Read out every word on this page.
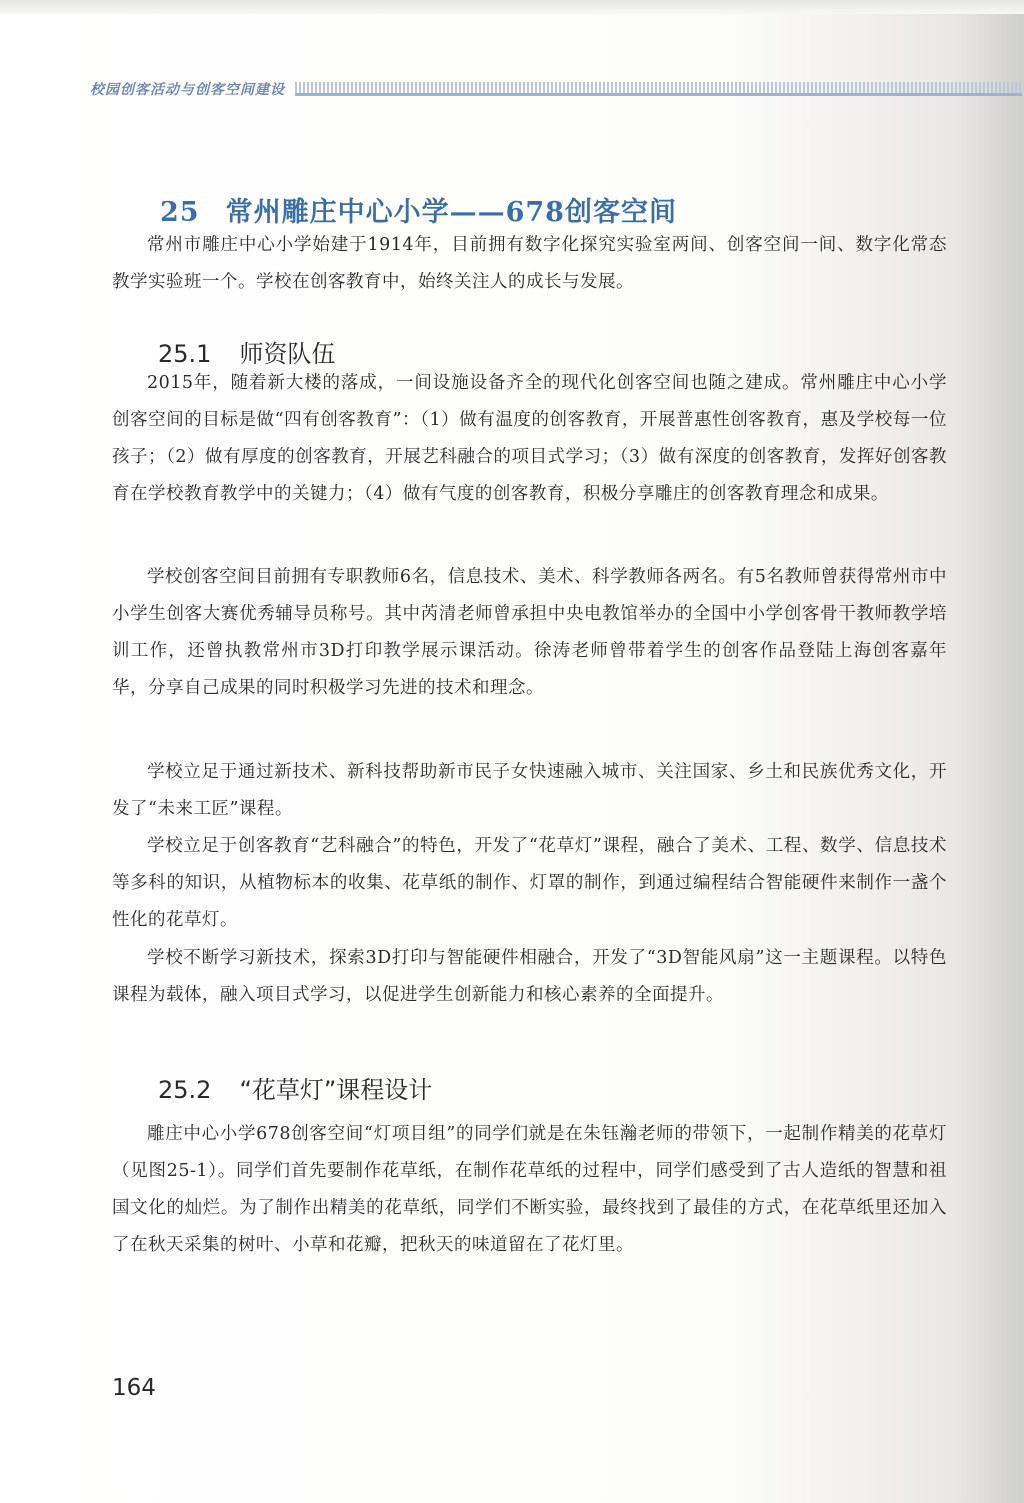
校园创客活动与创客空间建设
25 常州雕庄中心小学——678创客空间

常州市雕庄中心小学始建于1914年，目前拥有数字化探究实验室两间、创客空间一间、数字化常态教学实验班一个。学校在创客教育中，始终关注人的成长与发展。

25.1 师资队伍

2015年，随着新大楼的落成，一间设施设备齐全的现代化创客空间也随之建成。常州雕庄中心小学创客空间的目标是做“四有创客教育”：（1）做有温度的创客教育，开展普惠性创客教育，惠及学校每一位孩子；（2）做有厚度的创客教育，开展艺科融合的项目式学习；（3）做有深度的创客教育，发挥好创客教育在学校教育教学中的关键力；（4）做有气度的创客教育，积极分享雕庄的创客教育理念和成果。

学校创客空间目前拥有专职教师6名，信息技术、美术、科学教师各两名。有5名教师曾获得常州市中小学生创客大赛优秀辅导员称号。其中芮清老师曾承担中央电教馆举办的全国中小学创客骨干教师教学培训工作，还曾执教常州市3D打印教学展示课活动。徐涛老师曾带着学生的创客作品登陆上海创客嘉年华，分享自己成果的同时积极学习先进的技术和理念。

学校立足于通过新技术、新科技帮助新市民子女快速融入城市、关注国家、乡土和民族优秀文化，开发了“未来工匠”课程。

学校立足于创客教育“艺科融合”的特色，开发了“花草灯”课程，融合了美术、工程、数学、信息技术等多科的知识，从植物标本的收集、花草纸的制作、灯罩的制作，到通过编程结合智能硬件来制作一盏个性化的花草灯。

学校不断学习新技术，探索3D打印与智能硬件相融合，开发了“3D智能风扇”这一主题课程。以特色课程为载体，融入项目式学习，以促进学生创新能力和核心素养的全面提升。

25.2 “花草灯”课程设计

雕庄中心小学678创客空间“灯项目组”的同学们就是在朱钰瀚老师的带领下，一起制作精美的花草灯（见图25-1）。同学们首先要制作花草纸，在制作花草纸的过程中，同学们感受到了古人造纸的智慧和祖国文化的灿烂。为了制作出精美的花草纸，同学们不断实验，最终找到了最佳的方式，在花草纸里还加入了在秋天采集的树叶、小草和花瓣，把秋天的味道留在了花灯里。

164
